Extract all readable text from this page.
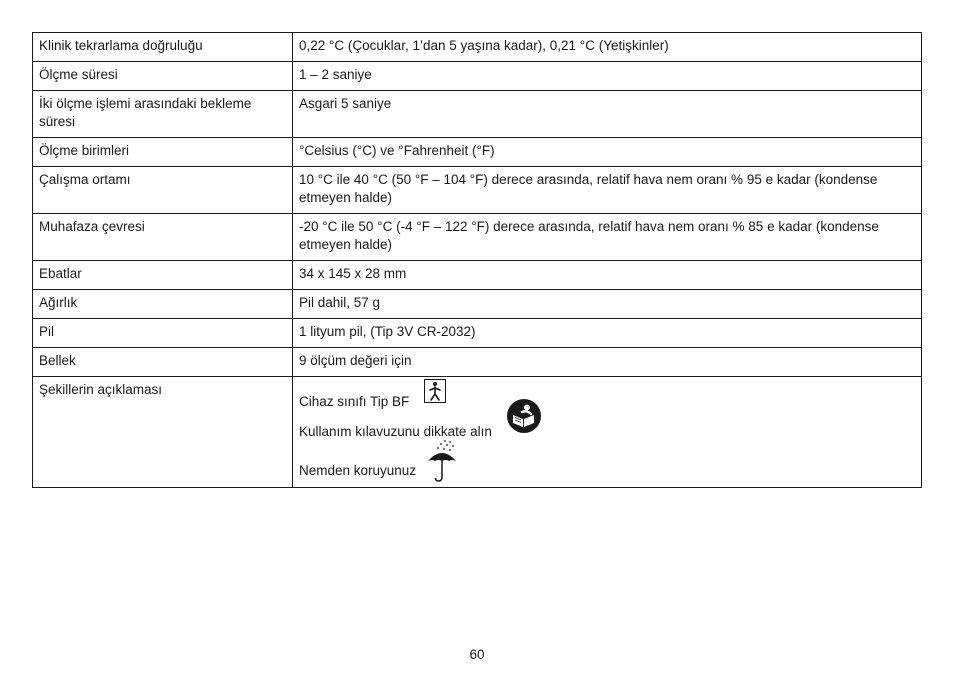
Klinik tekrarlama doğruluğu	0,22 °C (Çocuklar, 1’dan 5 yaşına kadar), 0,21 °C (Yetişkinler)
Ölçme süresi	1 – 2 saniye
İki ölçme işlemi arasındaki bekleme süresi	Asgari 5 saniye
Ölçme birimleri	°Celsius (°C) ve °Fahrenheit (°F)
Çalışma ortamı	10 °C ile 40 °C (50 °F – 104 °F) derece arasında, relatif hava nem oranı % 95 e kadar (kondense etmeyen halde)
Muhafaza çevresi	-20 °C ile 50 °C (-4 °F – 122 °F) derece arasında, relatif hava nem oranı % 85 e kadar (kondense etmeyen halde)
Ebatlar	34 x 145 x 28 mm
Ağırlık	Pil dahil, 57 g
Pil	1 lityum pil, (Tip 3V CR-2032)
Bellek	9 ölçüm değeri için
Şekillerin açıklaması	Cihaz sınıfı Tip BF
Kullanım kılavuzunu dikkate alın
Nemden koruyunuz
60
